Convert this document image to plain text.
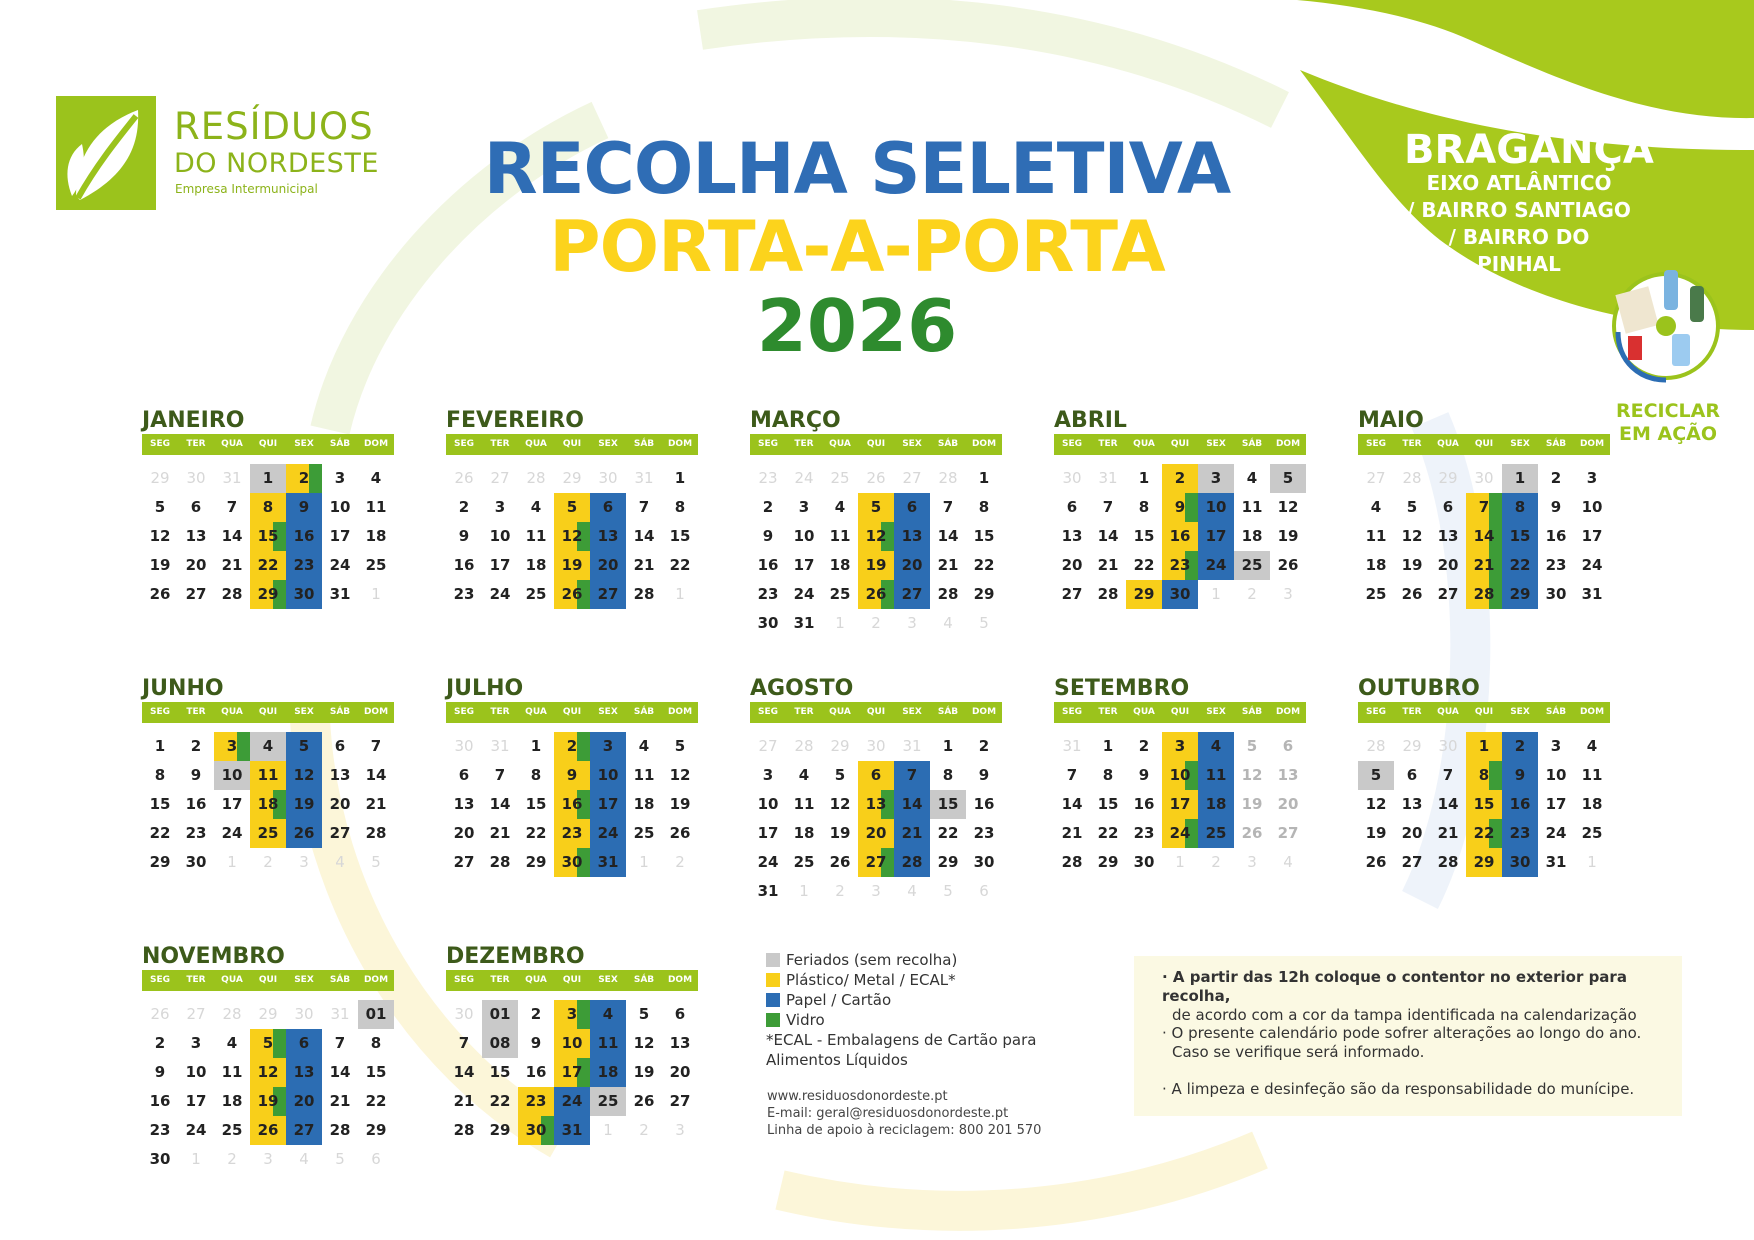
RESÍDUOS
DO NORDESTE
Empresa Intermunicipal	RECOLHA SELETIVA
PORTA-A-PORTA
2026
BRAGANÇA
EIXO ATLÂNTICO
/ BAIRRO SANTIAGO
/ BAIRRO DO PINHAL
RECICLAR
EM AÇÃO
JANEIRO
SEG	TER	QUA	QUI	SEX	SÁB	DOM
29	30	31	1	2	3	4
5	6	7	8	9	10	11
12	13	14	15	16	17	18
19	20	21	22	23	24	25
26	27	28	29	30	31	1
FEVEREIRO
SEG	TER	QUA	QUI	SEX	SÁB	DOM
26	27	28	29	30	31	1
2	3	4	5	6	7	8
9	10	11	12	13	14	15
16	17	18	19	20	21	22
23	24	25	26	27	28	1
MARÇO
SEG	TER	QUA	QUI	SEX	SÁB	DOM
23	24	25	26	27	28	1
2	3	4	5	6	7	8
9	10	11	12	13	14	15
16	17	18	19	20	21	22
23	24	25	26	27	28	29
30	31	1	2	3	4	5
ABRIL
SEG	TER	QUA	QUI	SEX	SÁB	DOM
30	31	1	2	3	4	5
6	7	8	9	10	11	12
13	14	15	16	17	18	19
20	21	22	23	24	25	26
27	28	29	30	1	2	3
MAIO
SEG	TER	QUA	QUI	SEX	SÁB	DOM
27	28	29	30	1	2	3
4	5	6	7	8	9	10
11	12	13	14	15	16	17
18	19	20	21	22	23	24
25	26	27	28	29	30	31
JUNHO
SEG	TER	QUA	QUI	SEX	SÁB	DOM
1	2	3	4	5	6	7
8	9	10	11	12	13	14
15	16	17	18	19	20	21
22	23	24	25	26	27	28
29	30	1	2	3	4	5
JULHO
SEG	TER	QUA	QUI	SEX	SÁB	DOM
30	31	1	2	3	4	5
6	7	8	9	10	11	12
13	14	15	16	17	18	19
20	21	22	23	24	25	26
27	28	29	30	31	1	2
AGOSTO
SEG	TER	QUA	QUI	SEX	SÁB	DOM
27	28	29	30	31	1	2
3	4	5	6	7	8	9
10	11	12	13	14	15	16
17	18	19	20	21	22	23
24	25	26	27	28	29	30
31	1	2	3	4	5	6
SETEMBRO
SEG	TER	QUA	QUI	SEX	SÁB	DOM
31	1	2	3	4	5	6
7	8	9	10	11	12	13
14	15	16	17	18	19	20
21	22	23	24	25	26	27
28	29	30	1	2	3	4
OUTUBRO
SEG	TER	QUA	QUI	SEX	SÁB	DOM
28	29	30	1	2	3	4
5	6	7	8	9	10	11
12	13	14	15	16	17	18
19	20	21	22	23	24	25
26	27	28	29	30	31	1
NOVEMBRO
SEG	TER	QUA	QUI	SEX	SÁB	DOM
26	27	28	29	30	31	01
2	3	4	5	6	7	8
9	10	11	12	13	14	15
16	17	18	19	20	21	22
23	24	25	26	27	28	29
30	1	2	3	4	5	6
DEZEMBRO
SEG	TER	QUA	QUI	SEX	SÁB	DOM
30	01	2	3	4	5	6
7	08	9	10	11	12	13
14	15	16	17	18	19	20
21	22	23	24	25	26	27
28	29	30	31	1	2	3
Feriados (sem recolha)
Plástico/ Metal / ECAL*
Papel / Cartão
Vidro
*ECAL - Embalagens de Cartão para
Alimentos Líquidos
www.residuosdonordeste.pt
E-mail: geral@residuosdonordeste.pt
Linha de apoio à reciclagem: 800 201 570
· A partir das 12h coloque o contentor no exterior para recolha,
de acordo com a cor da tampa identificada na calendarização
· O presente calendário pode sofrer alterações ao longo do ano.
Caso se verifique será informado.
· A limpeza e desinfeção são da responsabilidade do munícipe.
